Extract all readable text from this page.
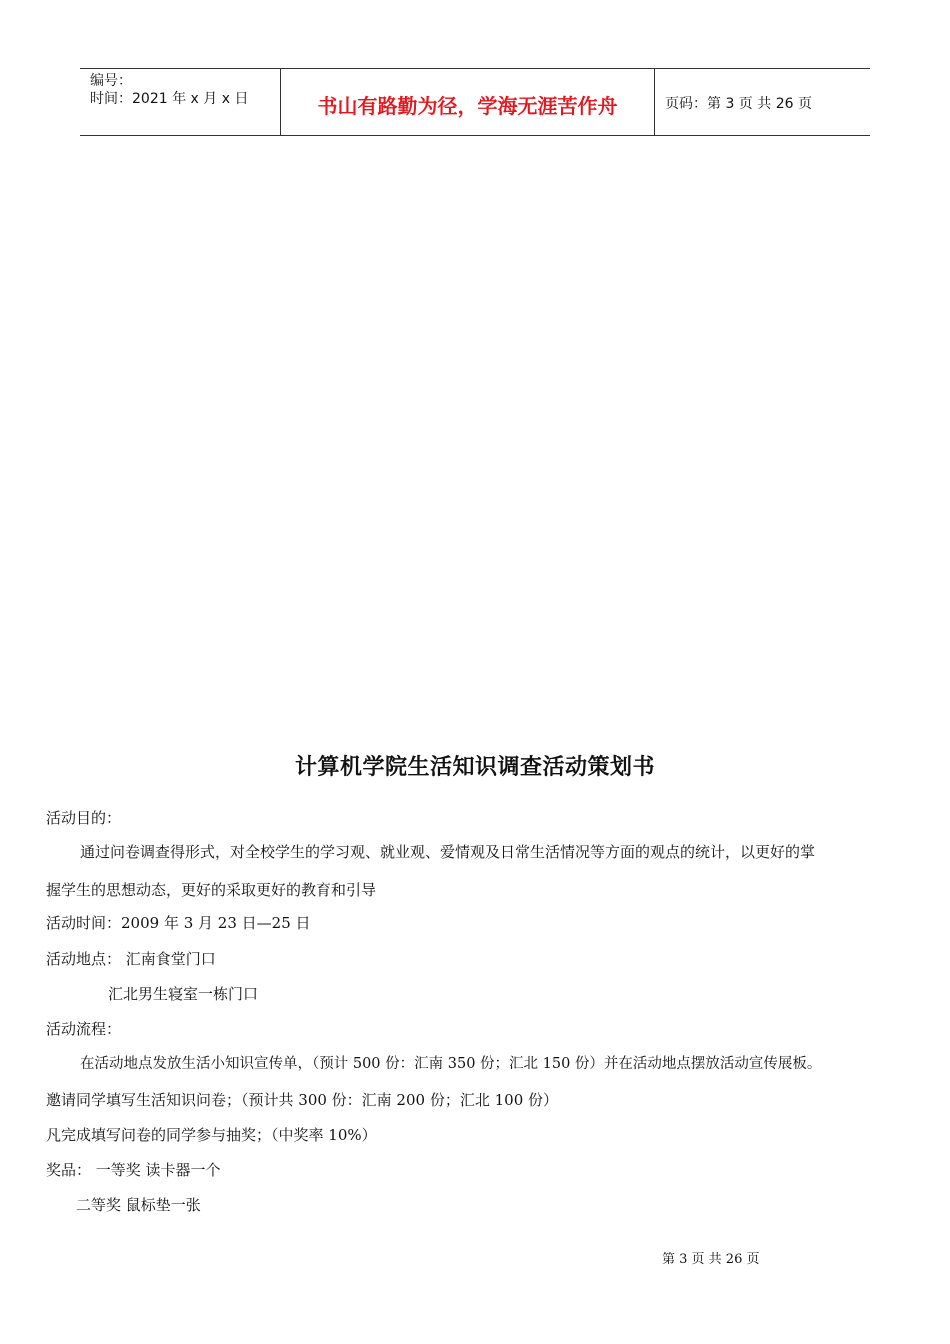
编号：
时间：2021 年 x 月 x 日	书山有路勤为径，学海无涯苦作舟	页码：第 3 页 共 26 页
计算机学院生活知识调查活动策划书
活动目的：
通过问卷调查得形式，对全校学生的学习观、就业观、爱情观及日常生活情况等方面的观点的统计，以更好的掌
握学生的思想动态，更好的采取更好的教育和引导
活动时间：2009 年 3 月 23 日—25 日
活动地点： 汇南食堂门口
汇北男生寝室一栋门口
活动流程：
在活动地点发放生活小知识宣传单，（预计 500 份：汇南 350 份；汇北 150 份）并在活动地点摆放活动宣传展板。
邀请同学填写生活知识问卷；（预计共 300 份：汇南 200 份；汇北 100 份）
凡完成填写问卷的同学参与抽奖；（中奖率 10%）
奖品： 一等奖 读卡器一个
二等奖 鼠标垫一张
第 3 页 共 26 页
